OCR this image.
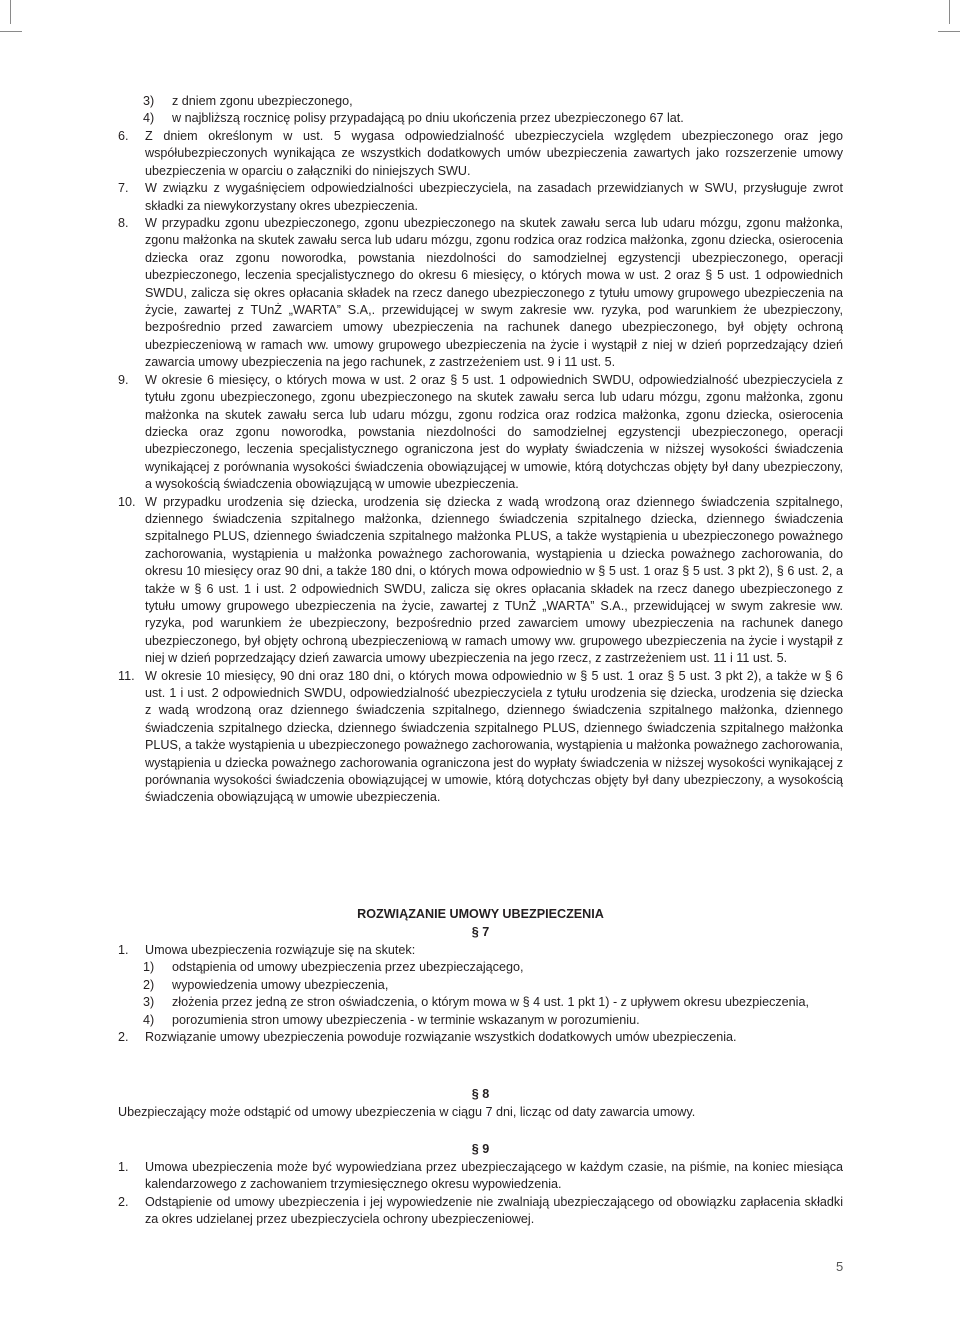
3) z dniem zgonu ubezpieczonego,
4) w najbliższą rocznicę polisy przypadającą po dniu ukończenia przez ubezpieczonego 67 lat.
6. Z dniem określonym w ust. 5 wygasa odpowiedzialność ubezpieczyciela względem ubezpieczonego oraz jego współubezpieczonych wynikająca ze wszystkich dodatkowych umów ubezpieczenia zawartych jako rozszerzenie umowy ubezpieczenia w oparciu o załączniki do niniejszych SWU.
7. W związku z wygaśnięciem odpowiedzialności ubezpieczyciela, na zasadach przewidzianych w SWU, przysługuje zwrot składki za niewykorzystany okres ubezpieczenia.
8. W przypadku zgonu ubezpieczonego, zgonu ubezpieczonego na skutek zawału serca lub udaru mózgu, zgonu małżonka, zgonu małżonka na skutek zawału serca lub udaru mózgu, zgonu rodzica oraz rodzica małżonka, zgonu dziecka, osierocenia dziecka oraz zgonu noworodka, powstania niezdolności do samodzielnej egzystencji ubezpieczonego, operacji ubezpieczonego, leczenia specjalistycznego do okresu 6 miesięcy, o których mowa w ust. 2 oraz § 5 ust. 1 odpowiednich SWDU, zalicza się okres opłacania składek na rzecz danego ubezpieczonego z tytułu umowy grupowego ubezpieczenia na życie, zawartej z TUnŻ „WARTA” S.A,. przewidującej w swym zakresie ww. ryzyka, pod warunkiem że ubezpieczony, bezpośrednio przed zawarciem umowy ubezpieczenia na rachunek danego ubezpieczonego, był objęty ochroną ubezpieczeniową w ramach ww. umowy grupowego ubezpieczenia na życie i wystąpił z niej w dzień poprzedzający dzień zawarcia umowy ubezpieczenia na jego rachunek, z zastrzeżeniem ust. 9 i 11 ust. 5.
9. W okresie 6 miesięcy, o których mowa w ust. 2 oraz § 5 ust. 1 odpowiednich SWDU, odpowiedzialność ubezpieczyciela z tytułu zgonu ubezpieczonego, zgonu ubezpieczonego na skutek zawału serca lub udaru mózgu, zgonu małżonka, zgonu małżonka na skutek zawału serca lub udaru mózgu, zgonu rodzica oraz rodzica małżonka, zgonu dziecka, osierocenia dziecka oraz zgonu noworodka, powstania niezdolności do samodzielnej egzystencji ubezpieczonego, operacji ubezpieczonego, leczenia specjalistycznego ograniczona jest do wypłaty świadczenia w niższej wysokości świadczenia wynikającej z porównania wysokości świadczenia obowiązującej w umowie, którą dotychczas objęty był dany ubezpieczony, a wysokością świadczenia obowiązującą w umowie ubezpieczenia.
10. W przypadku urodzenia się dziecka, urodzenia się dziecka z wadą wrodzoną oraz dziennego świadczenia szpitalnego, dziennego świadczenia szpitalnego małżonka, dziennego świadczenia szpitalnego dziecka, dziennego świadczenia szpitalnego PLUS, dziennego świadczenia szpitalnego małżonka PLUS, a także wystąpienia u ubezpieczonego poważnego zachorowania, wystąpienia u małżonka poważnego zachorowania, wystąpienia u dziecka poważnego zachorowania, do okresu 10 miesięcy oraz 90 dni, a także 180 dni, o których mowa odpowiednio w § 5 ust. 1 oraz § 5 ust. 3 pkt 2), § 6 ust. 2, a także w § 6 ust. 1 i ust. 2 odpowiednich SWDU, zalicza się okres opłacania składek na rzecz danego ubezpieczonego z tytułu umowy grupowego ubezpieczenia na życie, zawartej z TUnŻ „WARTA” S.A., przewidującej w swym zakresie ww. ryzyka, pod warunkiem że ubezpieczony, bezpośrednio przed zawarciem umowy ubezpieczenia na rachunek danego ubezpieczonego, był objęty ochroną ubezpieczeniową w ramach umowy ww. grupowego ubezpieczenia na życie i wystąpił z niej w dzień poprzedzający dzień zawarcia umowy ubezpieczenia na jego rzecz, z zastrzeżeniem ust. 11 i 11 ust. 5.
11. W okresie 10 miesięcy, 90 dni oraz 180 dni, o których mowa odpowiednio w § 5 ust. 1 oraz § 5 ust. 3 pkt 2), a także w § 6 ust. 1 i ust. 2 odpowiednich SWDU, odpowiedzialność ubezpieczyciela z tytułu urodzenia się dziecka, urodzenia się dziecka z wadą wrodzoną oraz dziennego świadczenia szpitalnego, dziennego świadczenia szpitalnego małżonka, dziennego świadczenia szpitalnego dziecka, dziennego świadczenia szpitalnego PLUS, dziennego świadczenia szpitalnego małżonka PLUS, a także wystąpienia u ubezpieczonego poważnego zachorowania, wystąpienia u małżonka poważnego zachorowania, wystąpienia u dziecka poważnego zachorowania ograniczona jest do wypłaty świadczenia w niższej wysokości wynikającej z porównania wysokości świadczenia obowiązującej w umowie, którą dotychczas objęty był dany ubezpieczony, a wysokością świadczenia obowiązującą w umowie ubezpieczenia.
ROZWIĄZANIE UMOWY UBEZPIECZENIA
§ 7
1. Umowa ubezpieczenia rozwiązuje się na skutek:
1) odstąpienia od umowy ubezpieczenia przez ubezpieczającego,
2) wypowiedzenia umowy ubezpieczenia,
3) złożenia przez jedną ze stron oświadczenia, o którym mowa w § 4 ust. 1 pkt 1) - z upływem okresu ubezpieczenia,
4) porozumienia stron umowy ubezpieczenia - w terminie wskazanym w porozumieniu.
2. Rozwiązanie umowy ubezpieczenia powoduje rozwiązanie wszystkich dodatkowych umów ubezpieczenia.
§ 8
Ubezpieczający może odstąpić od umowy ubezpieczenia w ciągu 7 dni, licząc od daty zawarcia umowy.
§ 9
1. Umowa ubezpieczenia może być wypowiedziana przez ubezpieczającego w każdym czasie, na piśmie, na koniec miesiąca kalendarzowego z zachowaniem trzymiesięcznego okresu wypowiedzenia.
2. Odstąpienie od umowy ubezpieczenia i jej wypowiedzenie nie zwalniają ubezpieczającego od obowiązku zapłacenia składki za okres udzielanej przez ubezpieczyciela ochrony ubezpieczeniowej.
5
